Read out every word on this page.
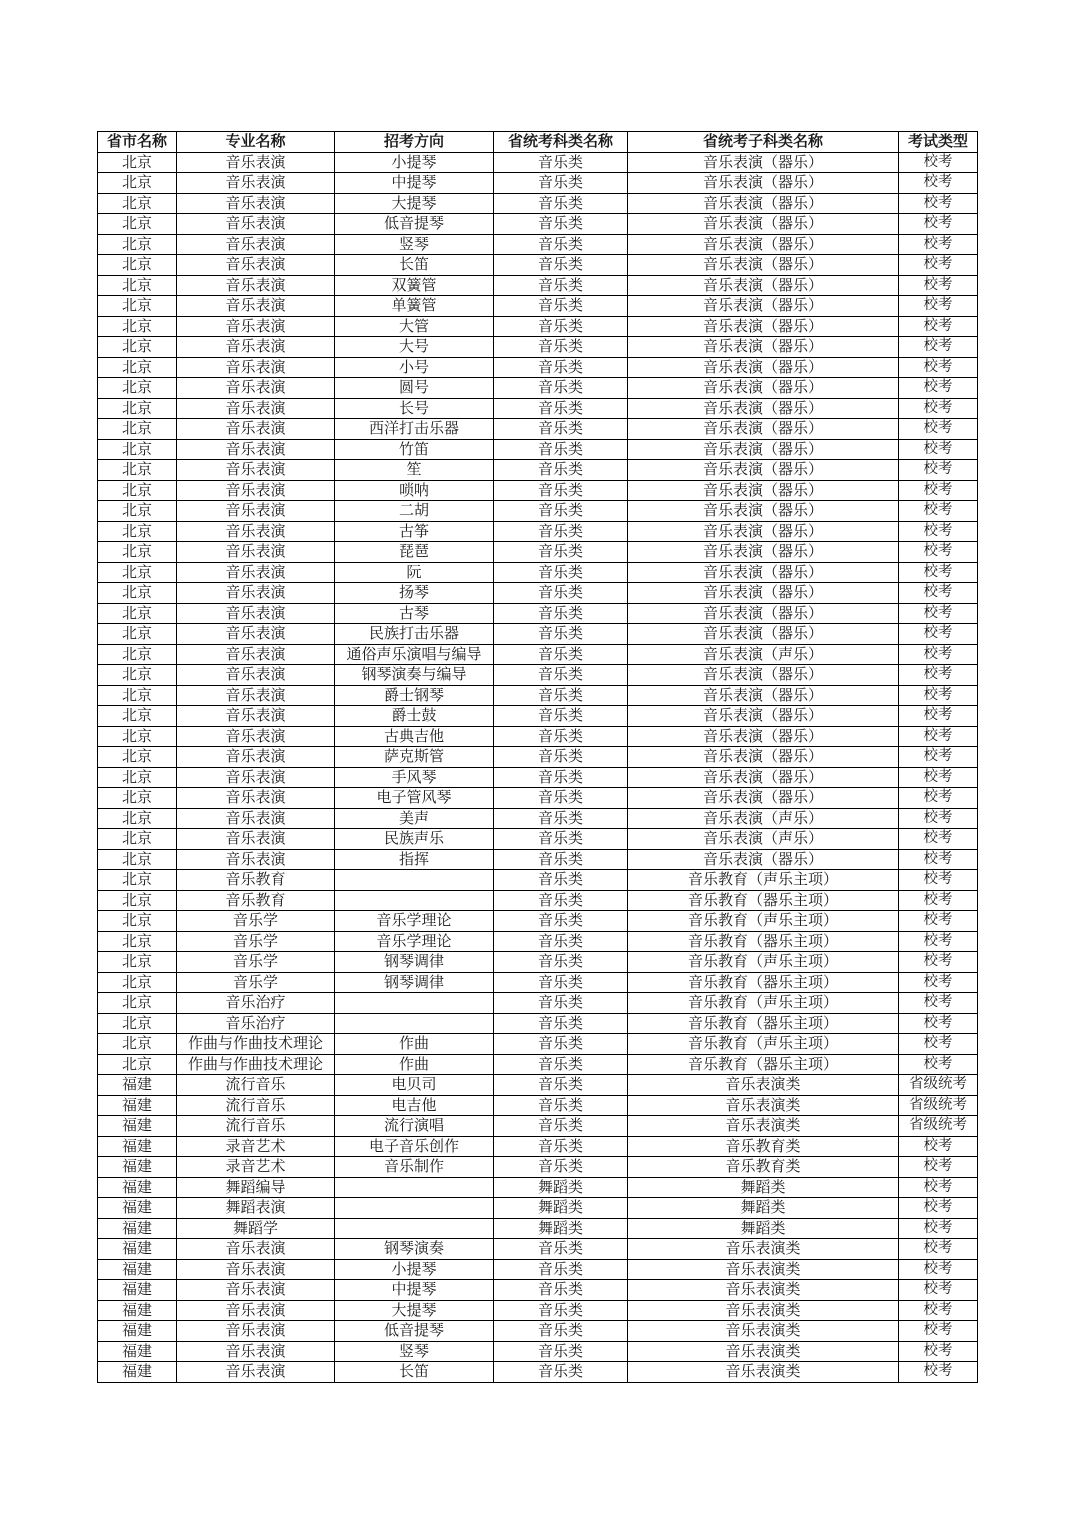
省市名称	专业名称	招考方向	省统考科类名称	省统考子科类名称	考试类型
北京	音乐表演	小提琴	音乐类	音乐表演（器乐）	校考
北京	音乐表演	中提琴	音乐类	音乐表演（器乐）	校考
北京	音乐表演	大提琴	音乐类	音乐表演（器乐）	校考
北京	音乐表演	低音提琴	音乐类	音乐表演（器乐）	校考
北京	音乐表演	竖琴	音乐类	音乐表演（器乐）	校考
北京	音乐表演	长笛	音乐类	音乐表演（器乐）	校考
北京	音乐表演	双簧管	音乐类	音乐表演（器乐）	校考
北京	音乐表演	单簧管	音乐类	音乐表演（器乐）	校考
北京	音乐表演	大管	音乐类	音乐表演（器乐）	校考
北京	音乐表演	大号	音乐类	音乐表演（器乐）	校考
北京	音乐表演	小号	音乐类	音乐表演（器乐）	校考
北京	音乐表演	圆号	音乐类	音乐表演（器乐）	校考
北京	音乐表演	长号	音乐类	音乐表演（器乐）	校考
北京	音乐表演	西洋打击乐器	音乐类	音乐表演（器乐）	校考
北京	音乐表演	竹笛	音乐类	音乐表演（器乐）	校考
北京	音乐表演	笙	音乐类	音乐表演（器乐）	校考
北京	音乐表演	唢呐	音乐类	音乐表演（器乐）	校考
北京	音乐表演	二胡	音乐类	音乐表演（器乐）	校考
北京	音乐表演	古筝	音乐类	音乐表演（器乐）	校考
北京	音乐表演	琵琶	音乐类	音乐表演（器乐）	校考
北京	音乐表演	阮	音乐类	音乐表演（器乐）	校考
北京	音乐表演	扬琴	音乐类	音乐表演（器乐）	校考
北京	音乐表演	古琴	音乐类	音乐表演（器乐）	校考
北京	音乐表演	民族打击乐器	音乐类	音乐表演（器乐）	校考
北京	音乐表演	通俗声乐演唱与编导	音乐类	音乐表演（声乐）	校考
北京	音乐表演	钢琴演奏与编导	音乐类	音乐表演（器乐）	校考
北京	音乐表演	爵士钢琴	音乐类	音乐表演（器乐）	校考
北京	音乐表演	爵士鼓	音乐类	音乐表演（器乐）	校考
北京	音乐表演	古典吉他	音乐类	音乐表演（器乐）	校考
北京	音乐表演	萨克斯管	音乐类	音乐表演（器乐）	校考
北京	音乐表演	手风琴	音乐类	音乐表演（器乐）	校考
北京	音乐表演	电子管风琴	音乐类	音乐表演（器乐）	校考
北京	音乐表演	美声	音乐类	音乐表演（声乐）	校考
北京	音乐表演	民族声乐	音乐类	音乐表演（声乐）	校考
北京	音乐表演	指挥	音乐类	音乐表演（器乐）	校考
北京	音乐教育		音乐类	音乐教育（声乐主项）	校考
北京	音乐教育		音乐类	音乐教育（器乐主项）	校考
北京	音乐学	音乐学理论	音乐类	音乐教育（声乐主项）	校考
北京	音乐学	音乐学理论	音乐类	音乐教育（器乐主项）	校考
北京	音乐学	钢琴调律	音乐类	音乐教育（声乐主项）	校考
北京	音乐学	钢琴调律	音乐类	音乐教育（器乐主项）	校考
北京	音乐治疗		音乐类	音乐教育（声乐主项）	校考
北京	音乐治疗		音乐类	音乐教育（器乐主项）	校考
北京	作曲与作曲技术理论	作曲	音乐类	音乐教育（声乐主项）	校考
北京	作曲与作曲技术理论	作曲	音乐类	音乐教育（器乐主项）	校考
福建	流行音乐	电贝司	音乐类	音乐表演类	省级统考
福建	流行音乐	电吉他	音乐类	音乐表演类	省级统考
福建	流行音乐	流行演唱	音乐类	音乐表演类	省级统考
福建	录音艺术	电子音乐创作	音乐类	音乐教育类	校考
福建	录音艺术	音乐制作	音乐类	音乐教育类	校考
福建	舞蹈编导		舞蹈类	舞蹈类	校考
福建	舞蹈表演		舞蹈类	舞蹈类	校考
福建	舞蹈学		舞蹈类	舞蹈类	校考
福建	音乐表演	钢琴演奏	音乐类	音乐表演类	校考
福建	音乐表演	小提琴	音乐类	音乐表演类	校考
福建	音乐表演	中提琴	音乐类	音乐表演类	校考
福建	音乐表演	大提琴	音乐类	音乐表演类	校考
福建	音乐表演	低音提琴	音乐类	音乐表演类	校考
福建	音乐表演	竖琴	音乐类	音乐表演类	校考
福建	音乐表演	长笛	音乐类	音乐表演类	校考
